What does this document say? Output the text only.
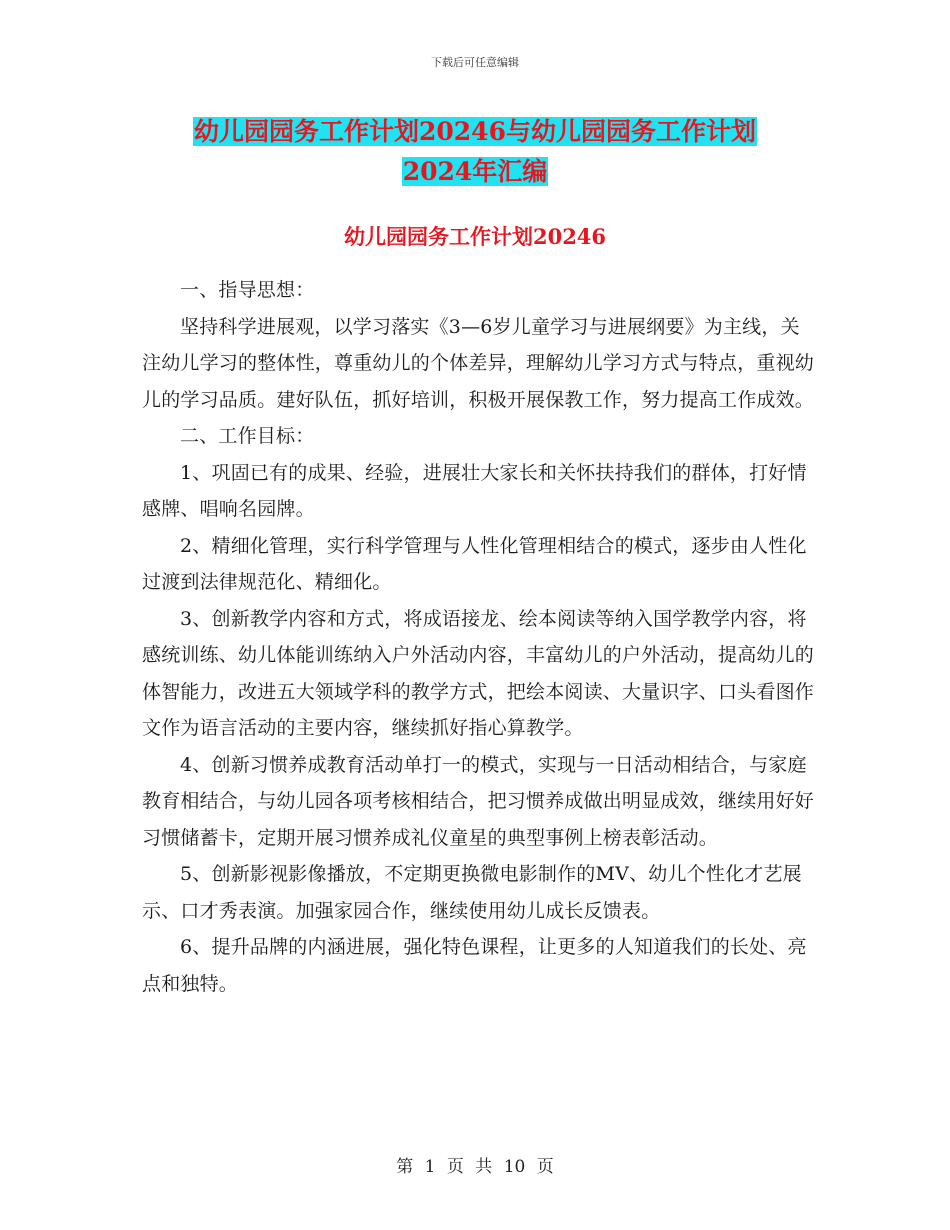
下载后可任意编辑
幼儿园园务工作计划20246与幼儿园园务工作计划
2024年汇编
幼儿园园务工作计划20246

一、指导思想：

坚持科学进展观，以学习落实《3—6岁儿童学习与进展纲要》为主线，关注幼儿学习的整体性，尊重幼儿的个体差异，理解幼儿学习方式与特点，重视幼儿的学习品质。建好队伍，抓好培训，积极开展保教工作，努力提高工作成效。

二、工作目标：

1、巩固已有的成果、经验，进展壮大家长和关怀扶持我们的群体，打好情感牌、唱响名园牌。

2、精细化管理，实行科学管理与人性化管理相结合的模式，逐步由人性化过渡到法律规范化、精细化。

3、创新教学内容和方式，将成语接龙、绘本阅读等纳入国学教学内容，将感统训练、幼儿体能训练纳入户外活动内容，丰富幼儿的户外活动，提高幼儿的体智能力，改进五大领域学科的教学方式，把绘本阅读、大量识字、口头看图作文作为语言活动的主要内容，继续抓好指心算教学。

4、创新习惯养成教育活动单打一的模式，实现与一日活动相结合，与家庭教育相结合，与幼儿园各项考核相结合，把习惯养成做出明显成效，继续用好好习惯储蓄卡，定期开展习惯养成礼仪童星的典型事例上榜表彰活动。

5、创新影视影像播放，不定期更换微电影制作的MV、幼儿个性化才艺展示、口才秀表演。加强家园合作，继续使用幼儿成长反馈表。

6、提升品牌的内涵进展，强化特色课程，让更多的人知道我们的长处、亮点和独特。

第 1 页 共 10 页
